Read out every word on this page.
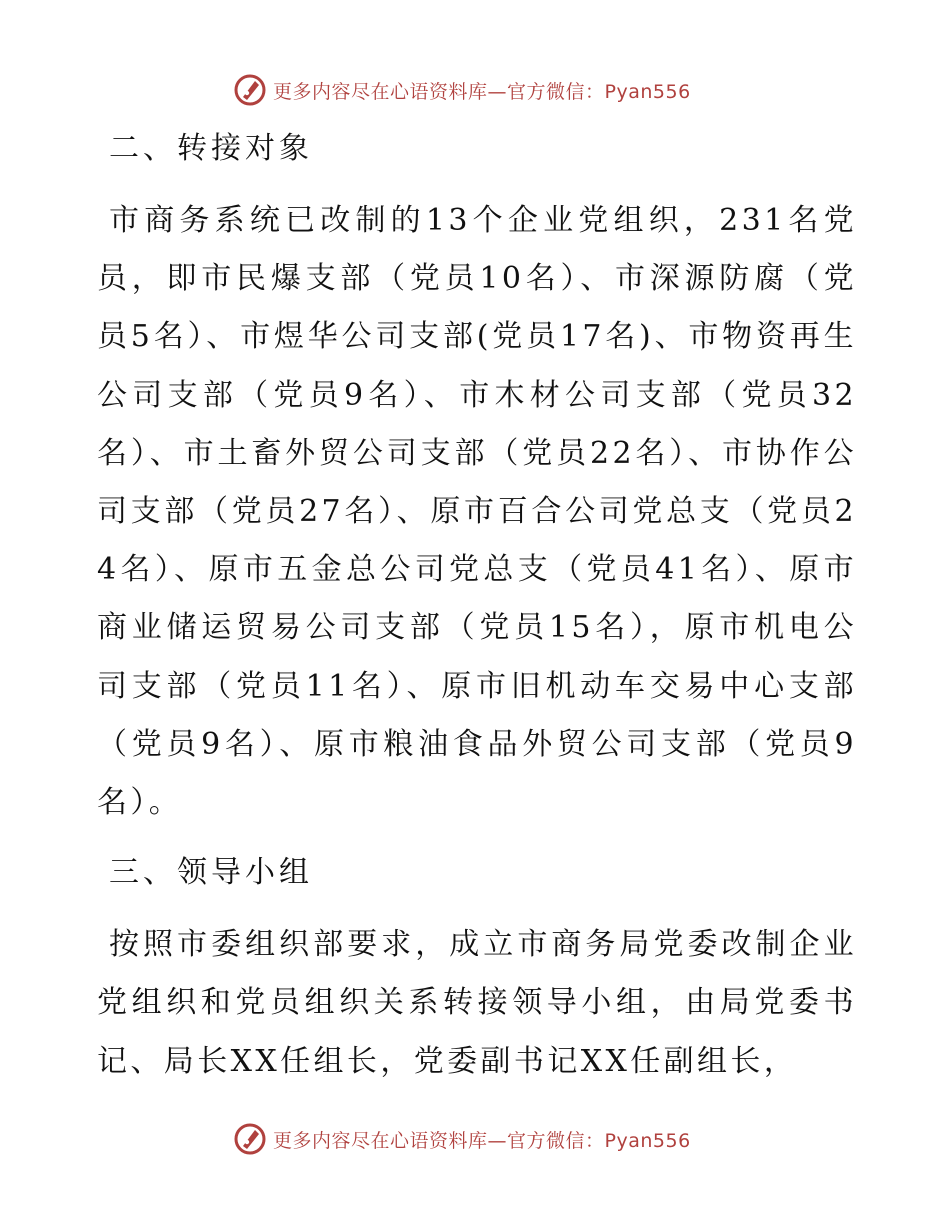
更多内容尽在心语资料库—官方微信：Pyan556
二、转接对象

市商务系统已改制的13个企业党组织，231名党员，即市民爆支部（党员10名）、市深源防腐（党员5名）、市煜华公司支部(党员17名)、市物资再生公司支部（党员9名）、市木材公司支部（党员32名）、市土畜外贸公司支部（党员22名）、市协作公司支部（党员27名）、原市百合公司党总支（党员24名）、原市五金总公司党总支（党员41名）、原市商业储运贸易公司支部（党员15名），原市机电公司支部（党员11名）、原市旧机动车交易中心支部（党员9名）、原市粮油食品外贸公司支部（党员9名）。

三、领导小组

按照市委组织部要求，成立市商务局党委改制企业党组织和党员组织关系转接领导小组，由局党委书记、局长XX任组长，党委副书记XX任副组长，

更多内容尽在心语资料库—官方微信：Pyan556
